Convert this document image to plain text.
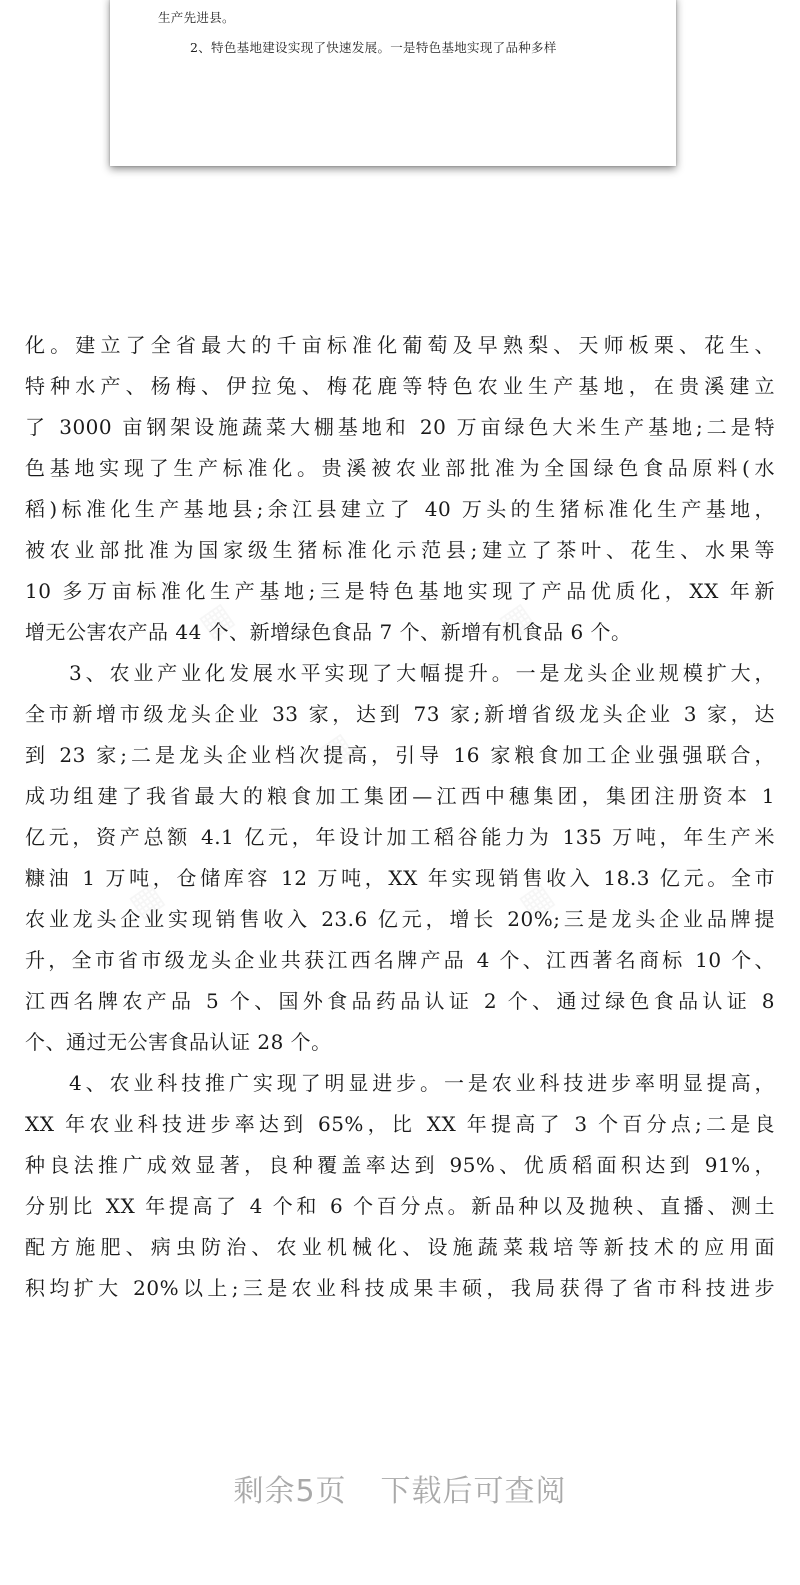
生产先进县。
2、特色基地建设实现了快速发展。一是特色基地实现了品种多样
化。建立了全省最大的千亩标准化葡萄及早熟梨、天师板栗、花生、
特种水产、杨梅、伊拉兔、梅花鹿等特色农业生产基地，在贵溪建立
了 3000 亩钢架设施蔬菜大棚基地和 20 万亩绿色大米生产基地;二是特
色基地实现了生产标准化。贵溪被农业部批准为全国绿色食品原料(水
稻)标准化生产基地县;余江县建立了 40 万头的生猪标准化生产基地，
被农业部批准为国家级生猪标准化示范县;建立了茶叶、花生、水果等
10 多万亩标准化生产基地;三是特色基地实现了产品优质化，XX 年新
增无公害农产品 44 个、新增绿色食品 7 个、新增有机食品 6 个。
3、农业产业化发展水平实现了大幅提升。一是龙头企业规模扩大，
全市新增市级龙头企业 33 家，达到 73 家;新增省级龙头企业 3 家，达
到 23 家;二是龙头企业档次提高，引导 16 家粮食加工企业强强联合，
成功组建了我省最大的粮食加工集团—江西中穗集团，集团注册资本 1
亿元，资产总额 4.1 亿元，年设计加工稻谷能力为 135 万吨，年生产米
糠油 1 万吨，仓储库容 12 万吨，XX 年实现销售收入 18.3 亿元。全市
农业龙头企业实现销售收入 23.6 亿元，增长 20%;三是龙头企业品牌提
升，全市省市级龙头企业共获江西名牌产品 4 个、江西著名商标 10 个、
江西名牌农产品 5 个、国外食品药品认证 2 个、通过绿色食品认证 8
个、通过无公害食品认证 28 个。
4、农业科技推广实现了明显进步。一是农业科技进步率明显提高，
XX 年农业科技进步率达到 65%，比 XX 年提高了 3 个百分点;二是良
种良法推广成效显著，良种覆盖率达到 95%、优质稻面积达到 91%，
分别比 XX 年提高了 4 个和 6 个百分点。新品种以及抛秧、直播、测土
配方施肥、病虫防治、农业机械化、设施蔬菜栽培等新技术的应用面
积均扩大 20%以上;三是农业科技成果丰硕，我局获得了省市科技进步
剩余5页 下载后可查阅
